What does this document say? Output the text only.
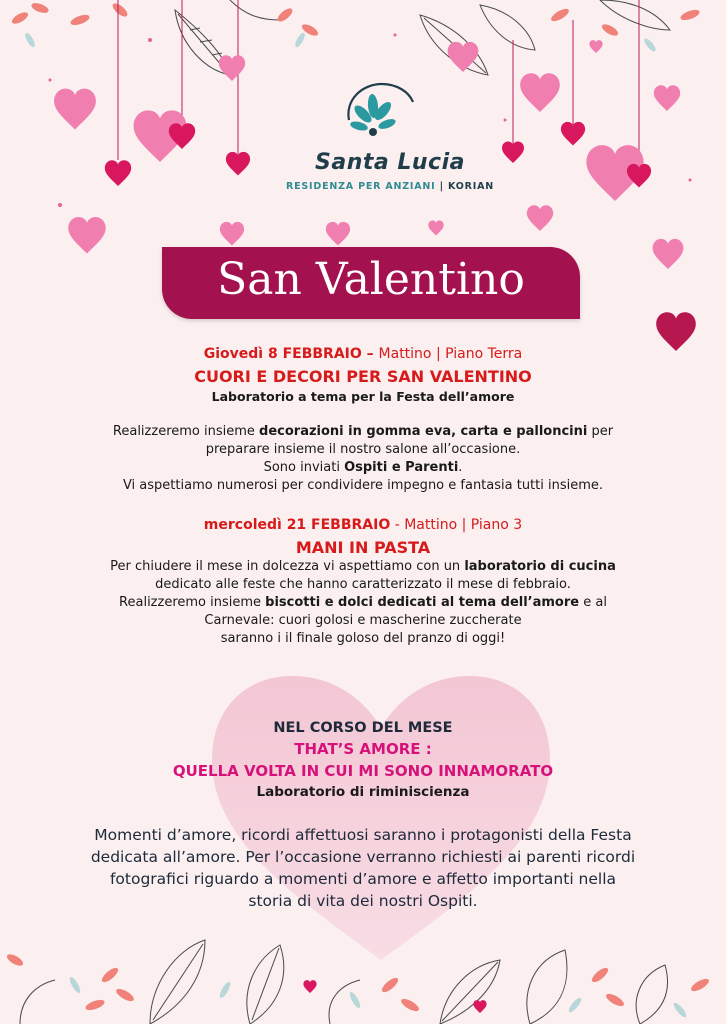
Santa Lucia
RESIDENZA PER ANZIANI | KORIAN
San Valentino
Giovedì 8 FEBBRAIO – Mattino | Piano Terra
CUORI E DECORI PER SAN VALENTINO
Laboratorio a tema per la Festa dell’amore
Realizzeremo insieme decorazioni in gomma eva, carta e palloncini per
preparare insieme il nostro salone all’occasione.
Sono inviati Ospiti e Parenti.
Vi aspettiamo numerosi per condividere impegno e fantasia tutti insieme.
mercoledì 21 FEBBRAIO - Mattino | Piano 3
MANI IN PASTA
Per chiudere il mese in dolcezza vi aspettiamo con un laboratorio di cucina
dedicato alle feste che hanno caratterizzato il mese di febbraio.
Realizzeremo insieme biscotti e dolci dedicati al tema dell’amore e al
Carnevale: cuori golosi e mascherine zuccherate
saranno i il finale goloso del pranzo di oggi!
NEL CORSO DEL MESE
THAT’S AMORE :
QUELLA VOLTA IN CUI MI SONO INNAMORATO
Laboratorio di riminiscienza
Momenti d’amore, ricordi affettuosi saranno i protagonisti della Festa
dedicata all’amore. Per l’occasione verranno richiesti ai parenti ricordi
fotografici riguardo a momenti d’amore e affetto importanti nella
storia di vita dei nostri Ospiti.
